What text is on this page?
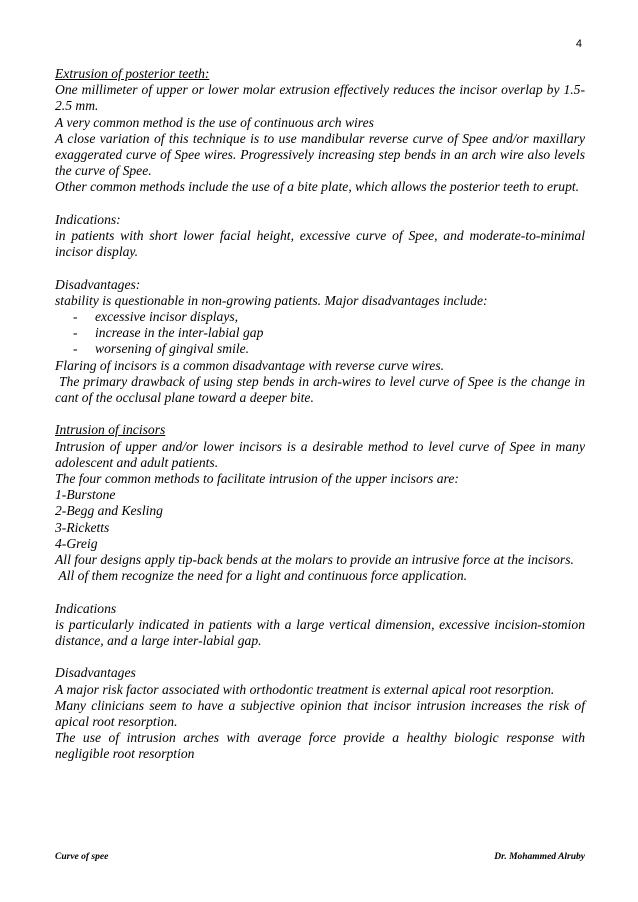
4

Extrusion of posterior teeth:

One millimeter of upper or lower molar extrusion effectively reduces the incisor overlap by 1.5-2.5 mm.

A very common method is the use of continuous arch wires

A close variation of this technique is to use mandibular reverse curve of Spee and/or maxillary exaggerated curve of Spee wires. Progressively increasing step bends in an arch wire also levels the curve of Spee.

Other common methods include the use of a bite plate, which allows the posterior teeth to erupt.

Indications:

in patients with short lower facial height, excessive curve of Spee, and moderate-to-minimal incisor display.

Disadvantages:

stability is questionable in non-growing patients. Major disadvantages include:

- excessive incisor displays,
- increase in the inter-labial gap
- worsening of gingival smile.

Flaring of incisors is a common disadvantage with reverse curve wires.

The primary drawback of using step bends in arch-wires to level curve of Spee is the change in cant of the occlusal plane toward a deeper bite.

Intrusion of incisors

Intrusion of upper and/or lower incisors is a desirable method to level curve of Spee in many adolescent and adult patients.

The four common methods to facilitate intrusion of the upper incisors are:

1-Burstone

2-Begg and Kesling

3-Ricketts

4-Greig

All four designs apply tip-back bends at the molars to provide an intrusive force at the incisors.

All of them recognize the need for a light and continuous force application.

Indications

is particularly indicated in patients with a large vertical dimension, excessive incision-stomion distance, and a large inter-labial gap.

Disadvantages

A major risk factor associated with orthodontic treatment is external apical root resorption.

Many clinicians seem to have a subjective opinion that incisor intrusion increases the risk of apical root resorption.

The use of intrusion arches with average force provide a healthy biologic response with negligible root resorption

Curve of spee	Dr. Mohammed Alruby
